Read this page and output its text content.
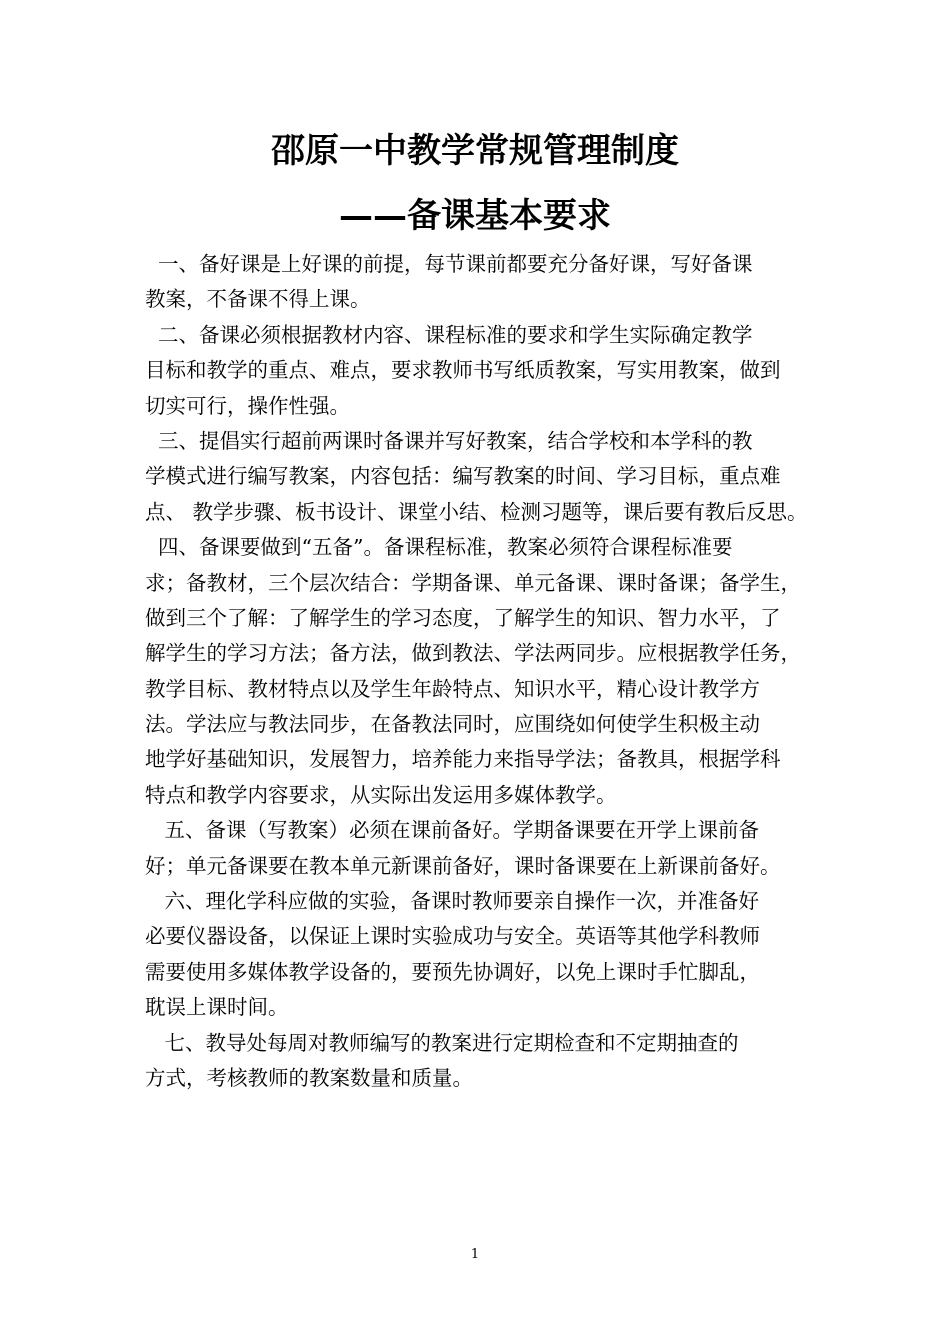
邵原一中教学常规管理制度
——备课基本要求
一、备好课是上好课的前提，每节课前都要充分备好课，写好备课
教案，不备课不得上课。
二、备课必须根据教材内容、课程标准的要求和学生实际确定教学
目标和教学的重点、难点，要求教师书写纸质教案，写实用教案，做到
切实可行，操作性强。
三、提倡实行超前两课时备课并写好教案，结合学校和本学科的教
学模式进行编写教案，内容包括：编写教案的时间、学习目标，重点难
点、 教学步骤、板书设计、课堂小结、检测习题等，课后要有教后反思。
四、备课要做到“五备”。备课程标准，教案必须符合课程标准要
求；备教材，三个层次结合：学期备课、单元备课、课时备课；备学生，
做到三个了解：了解学生的学习态度，了解学生的知识、智力水平，了
解学生的学习方法；备方法，做到教法、学法两同步。应根据教学任务，
教学目标、教材特点以及学生年龄特点、知识水平，精心设计教学方
法。学法应与教法同步，在备教法同时，应围绕如何使学生积极主动
地学好基础知识，发展智力，培养能力来指导学法；备教具，根据学科
特点和教学内容要求，从实际出发运用多媒体教学。
五、备课（写教案）必须在课前备好。学期备课要在开学上课前备
好；单元备课要在教本单元新课前备好，课时备课要在上新课前备好。
六、理化学科应做的实验，备课时教师要亲自操作一次，并准备好
必要仪器设备，以保证上课时实验成功与安全。英语等其他学科教师
需要使用多媒体教学设备的，要预先协调好，以免上课时手忙脚乱，
耽误上课时间。
七、教导处每周对教师编写的教案进行定期检查和不定期抽查的
方式，考核教师的教案数量和质量。
1
